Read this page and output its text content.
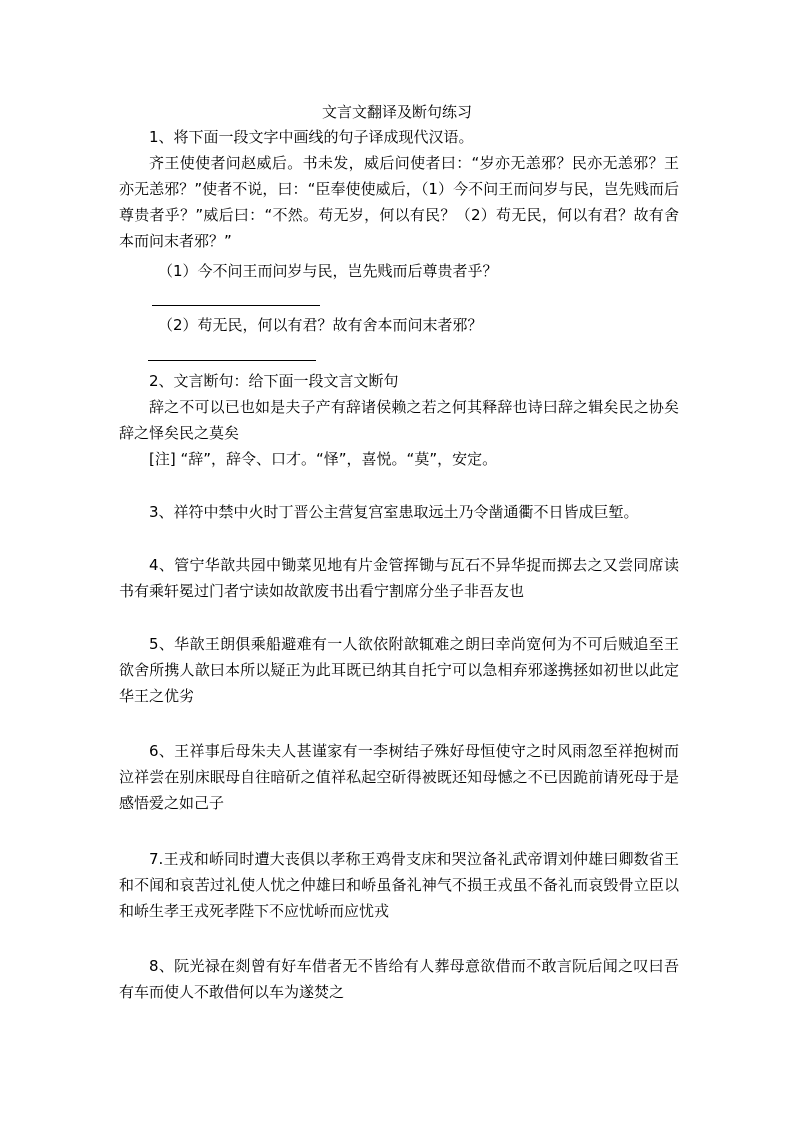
文言文翻译及断句练习

1、将下面一段文字中画线的句子译成现代汉语。

齐王使使者问赵威后。书未发，威后问使者曰：“岁亦无恙邪？民亦无恙邪？王亦无恙邪？”使者不说，曰：“臣奉使使威后，（1）今不问王而问岁与民，岂先贱而后尊贵者乎？”威后曰：“不然。苟无岁，何以有民？（2）苟无民，何以有君？故有舍本而问末者邪？”

（1）今不问王而问岁与民，岂先贱而后尊贵者乎？

（2）苟无民，何以有君？故有舍本而问末者邪？

2、文言断句：给下面一段文言文断句

辞之不可以已也如是夫子产有辞诸侯赖之若之何其释辞也诗曰辞之辑矣民之协矣辞之怿矣民之莫矣

[注] “辞”，辞令、口才。“怿”，喜悦。“莫”，安定。

3、祥符中禁中火时丁晋公主营复宫室患取远土乃令凿通衢不日皆成巨堑。

4、管宁华歆共园中锄菜见地有片金管挥锄与瓦石不异华捉而掷去之又尝同席读书有乘轩冕过门者宁读如故歆废书出看宁割席分坐子非吾友也

5、华歆王朗俱乘船避难有一人欲依附歆辄难之朗曰幸尚宽何为不可后贼追至王欲舍所携人歆曰本所以疑正为此耳既已纳其自托宁可以急相弃邪遂携拯如初世以此定华王之优劣

6、王祥事后母朱夫人甚谨家有一李树结子殊好母恒使守之时风雨忽至祥抱树而泣祥尝在别床眠母自往暗斫之值祥私起空斫得被既还知母憾之不已因跪前请死母于是感悟爱之如己子

7.王戎和峤同时遭大丧俱以孝称王鸡骨支床和哭泣备礼武帝谓刘仲雄曰卿数省王和不闻和哀苦过礼使人忧之仲雄曰和峤虽备礼神气不损王戎虽不备礼而哀毁骨立臣以和峤生孝王戎死孝陛下不应忧峤而应忧戎

8、阮光禄在剡曾有好车借者无不皆给有人葬母意欲借而不敢言阮后闻之叹曰吾有车而使人不敢借何以车为遂焚之
